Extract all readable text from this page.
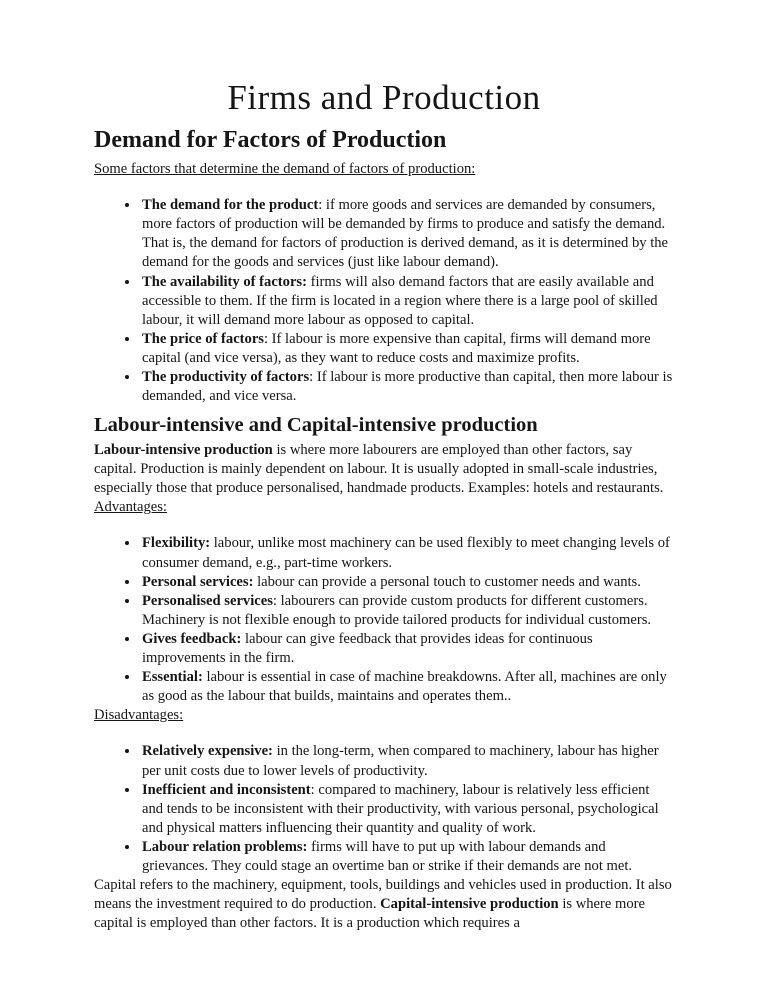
Firms and Production
Demand for Factors of Production

Some factors that determine the demand of factors of production:

• The demand for the product: if more goods and services are demanded by consumers, more factors of production will be demanded by firms to produce and satisfy the demand. That is, the demand for factors of production is derived demand, as it is determined by the demand for the goods and services (just like labour demand).
• The availability of factors: firms will also demand factors that are easily available and accessible to them. If the firm is located in a region where there is a large pool of skilled labour, it will demand more labour as opposed to capital.
• The price of factors: If labour is more expensive than capital, firms will demand more capital (and vice versa), as they want to reduce costs and maximize profits.
• The productivity of factors: If labour is more productive than capital, then more labour is demanded, and vice versa.
Labour-intensive and Capital-intensive production

Labour-intensive production is where more labourers are employed than other factors, say capital. Production is mainly dependent on labour. It is usually adopted in small-scale industries, especially those that produce personalised, handmade products. Examples: hotels and restaurants.

Advantages:

• Flexibility: labour, unlike most machinery can be used flexibly to meet changing levels of consumer demand, e.g., part-time workers.
• Personal services: labour can provide a personal touch to customer needs and wants.
• Personalised services: labourers can provide custom products for different customers. Machinery is not flexible enough to provide tailored products for individual customers.
• Gives feedback: labour can give feedback that provides ideas for continuous improvements in the firm.
• Essential: labour is essential in case of machine breakdowns. After all, machines are only as good as the labour that builds, maintains and operates them..

Disadvantages:

• Relatively expensive: in the long-term, when compared to machinery, labour has higher per unit costs due to lower levels of productivity.
• Inefficient and inconsistent: compared to machinery, labour is relatively less efficient and tends to be inconsistent with their productivity, with various personal, psychological and physical matters influencing their quantity and quality of work.
• Labour relation problems: firms will have to put up with labour demands and grievances. They could stage an overtime ban or strike if their demands are not met.

Capital refers to the machinery, equipment, tools, buildings and vehicles used in production. It also means the investment required to do production. Capital-intensive production is where more capital is employed than other factors. It is a production which requires a
